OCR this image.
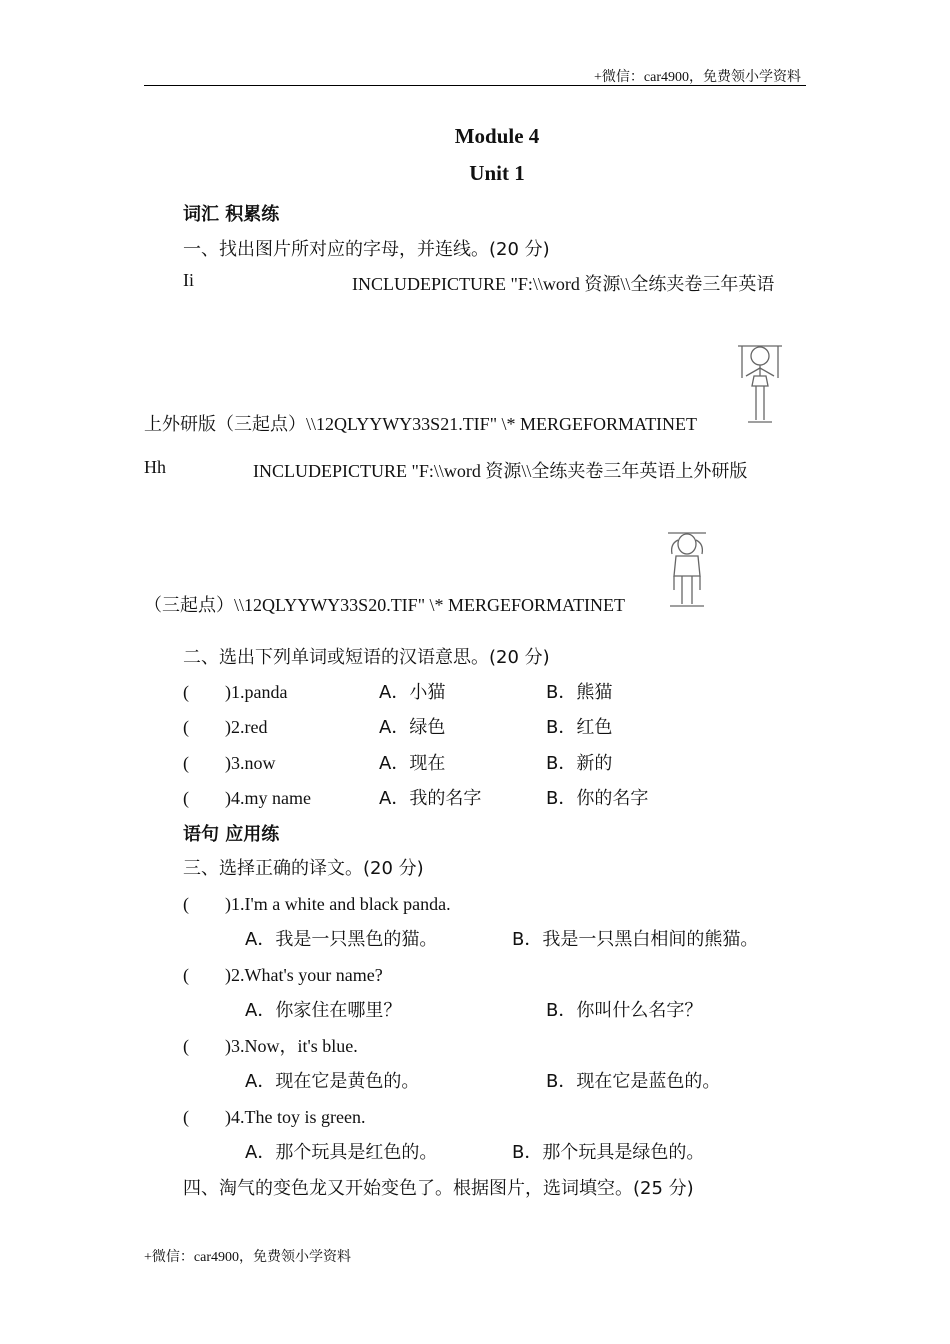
+微信：car4900，免费领小学资料
Module 4
Unit 1
词汇 积累练
一、找出图片所对应的字母，并连线。(20 分)
Ii	INCLUDEPICTURE "F:\\word 资源\\全练夹卷三年英语
上外研版（三起点）\\12QLYYWY33S21.TIF" \* MERGEFORMATINET
Hh	INCLUDEPICTURE "F:\\word 资源\\全练夹卷三年英语上外研版
（三起点）\\12QLYYWY33S20.TIF" \* MERGEFORMATINET
二、选出下列单词或短语的汉语意思。(20 分)
(　　)1.panda	A．小猫	B．熊猫
(　　)2.red	A．绿色	B．红色
(　　)3.now	A．现在	B．新的
(　　)4.my name	A．我的名字	B．你的名字
语句 应用练
三、选择正确的译文。(20 分)
(　　)1.I'm a white and black panda.
A．我是一只黑色的猫。	B．我是一只黑白相间的熊猫。
(　　)2.What's your name?
A．你家住在哪里？	B．你叫什么名字？
(　　)3.Now，it's blue.
A．现在它是黄色的。	B．现在它是蓝色的。
(　　)4.The toy is green.
A．那个玩具是红色的。	B．那个玩具是绿色的。
四、淘气的变色龙又开始变色了。根据图片，选词填空。(25 分)
+微信：car4900，免费领小学资料
